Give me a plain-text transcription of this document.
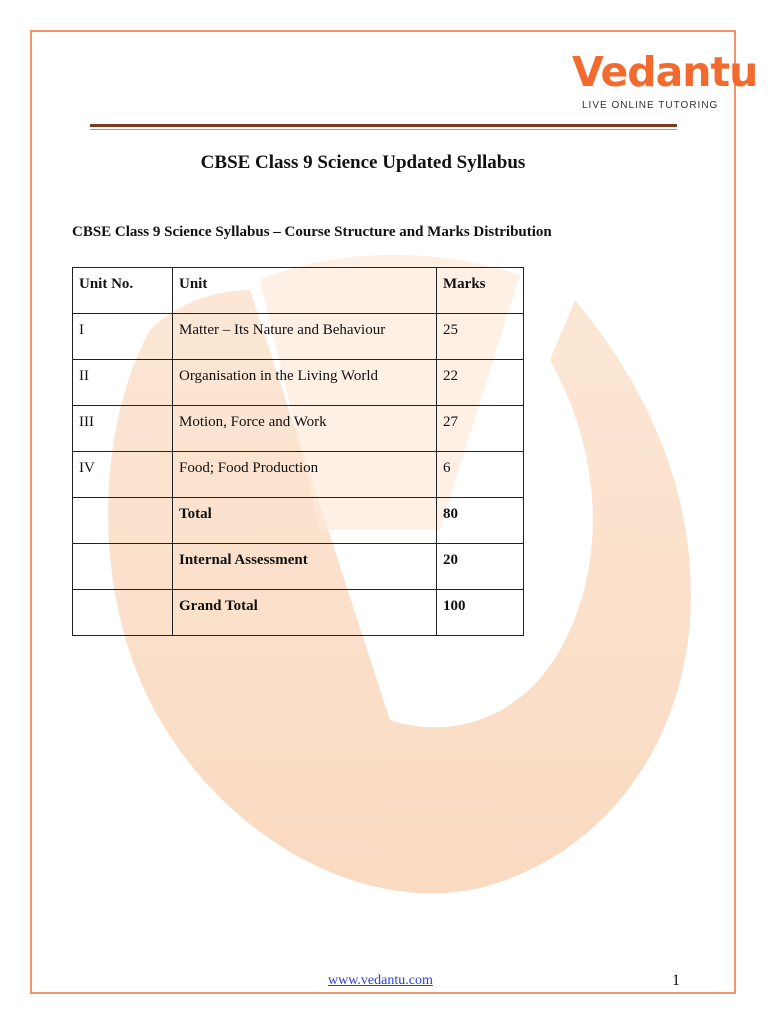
Vedantu
LIVE ONLINE TUTORING
CBSE Class 9 Science Updated Syllabus
CBSE Class 9 Science Syllabus – Course Structure and Marks Distribution
Unit No.	Unit	Marks
I	Matter – Its Nature and Behaviour	25
II	Organisation in the Living World	22
III	Motion, Force and Work	27
IV	Food; Food Production	6
	Total	80
	Internal Assessment	20
	Grand Total	100
www.vedantu.com	1
